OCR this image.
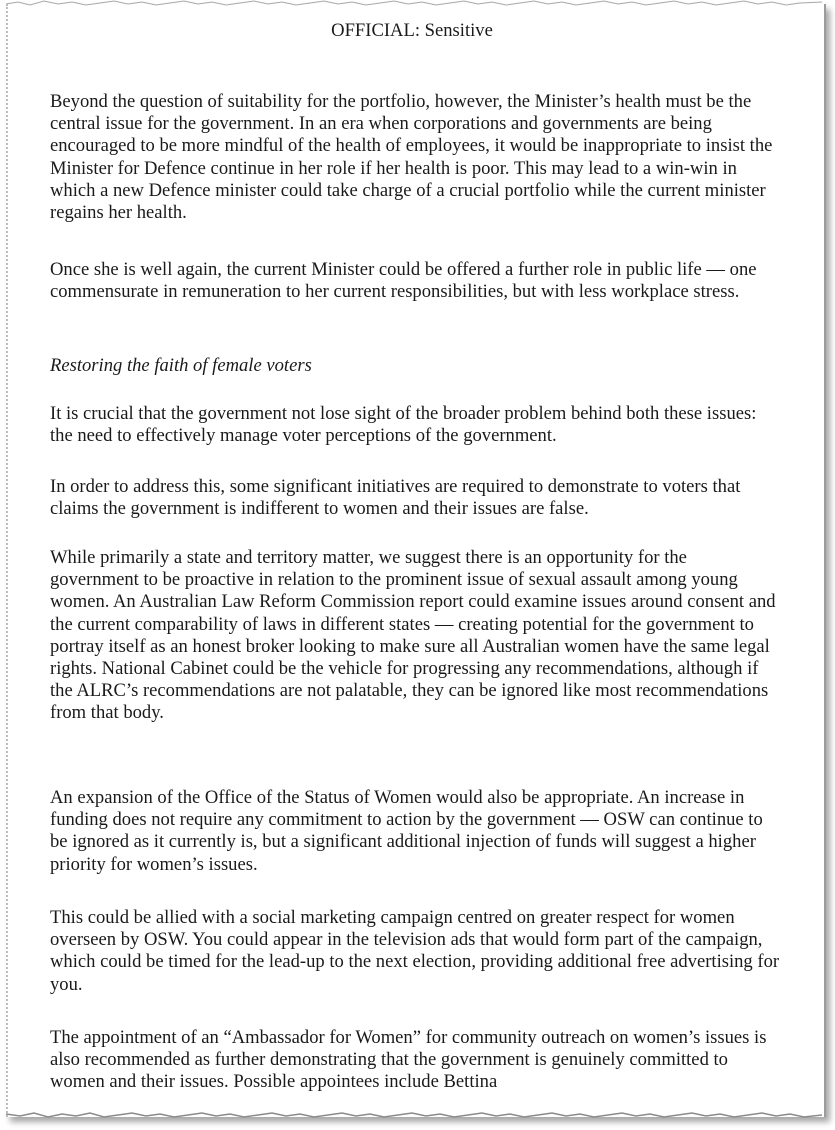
OFFICIAL: Sensitive

Beyond the question of suitability for the portfolio, however, the Minister’s health must be the central issue for the government. In an era when corporations and governments are being encouraged to be more mindful of the health of employees, it would be inappropriate to insist the Minister for Defence continue in her role if her health is poor. This may lead to a win-win in which a new Defence minister could take charge of a crucial portfolio while the current minister regains her health.

Once she is well again, the current Minister could be offered a further role in public life — one commensurate in remuneration to her current responsibilities, but with less workplace stress.

Restoring the faith of female voters

It is crucial that the government not lose sight of the broader problem behind both these issues: the need to effectively manage voter perceptions of the government.

In order to address this, some significant initiatives are required to demonstrate to voters that claims the government is indifferent to women and their issues are false.

While primarily a state and territory matter, we suggest there is an opportunity for the government to be proactive in relation to the prominent issue of sexual assault among young women. An Australian Law Reform Commission report could examine issues around consent and the current comparability of laws in different states — creating potential for the government to portray itself as an honest broker looking to make sure all Australian women have the same legal rights. National Cabinet could be the vehicle for progressing any recommendations, although if the ALRC’s recommendations are not palatable, they can be ignored like most recommendations from that body.

An expansion of the Office of the Status of Women would also be appropriate. An increase in funding does not require any commitment to action by the government — OSW can continue to be ignored as it currently is, but a significant additional injection of funds will suggest a higher priority for women’s issues.

This could be allied with a social marketing campaign centred on greater respect for women overseen by OSW. You could appear in the television ads that would form part of the campaign, which could be timed for the lead-up to the next election, providing additional free advertising for you.

The appointment of an “Ambassador for Women” for community outreach on women’s issues is also recommended as further demonstrating that the government is genuinely committed to women and their issues. Possible appointees include Bettina
